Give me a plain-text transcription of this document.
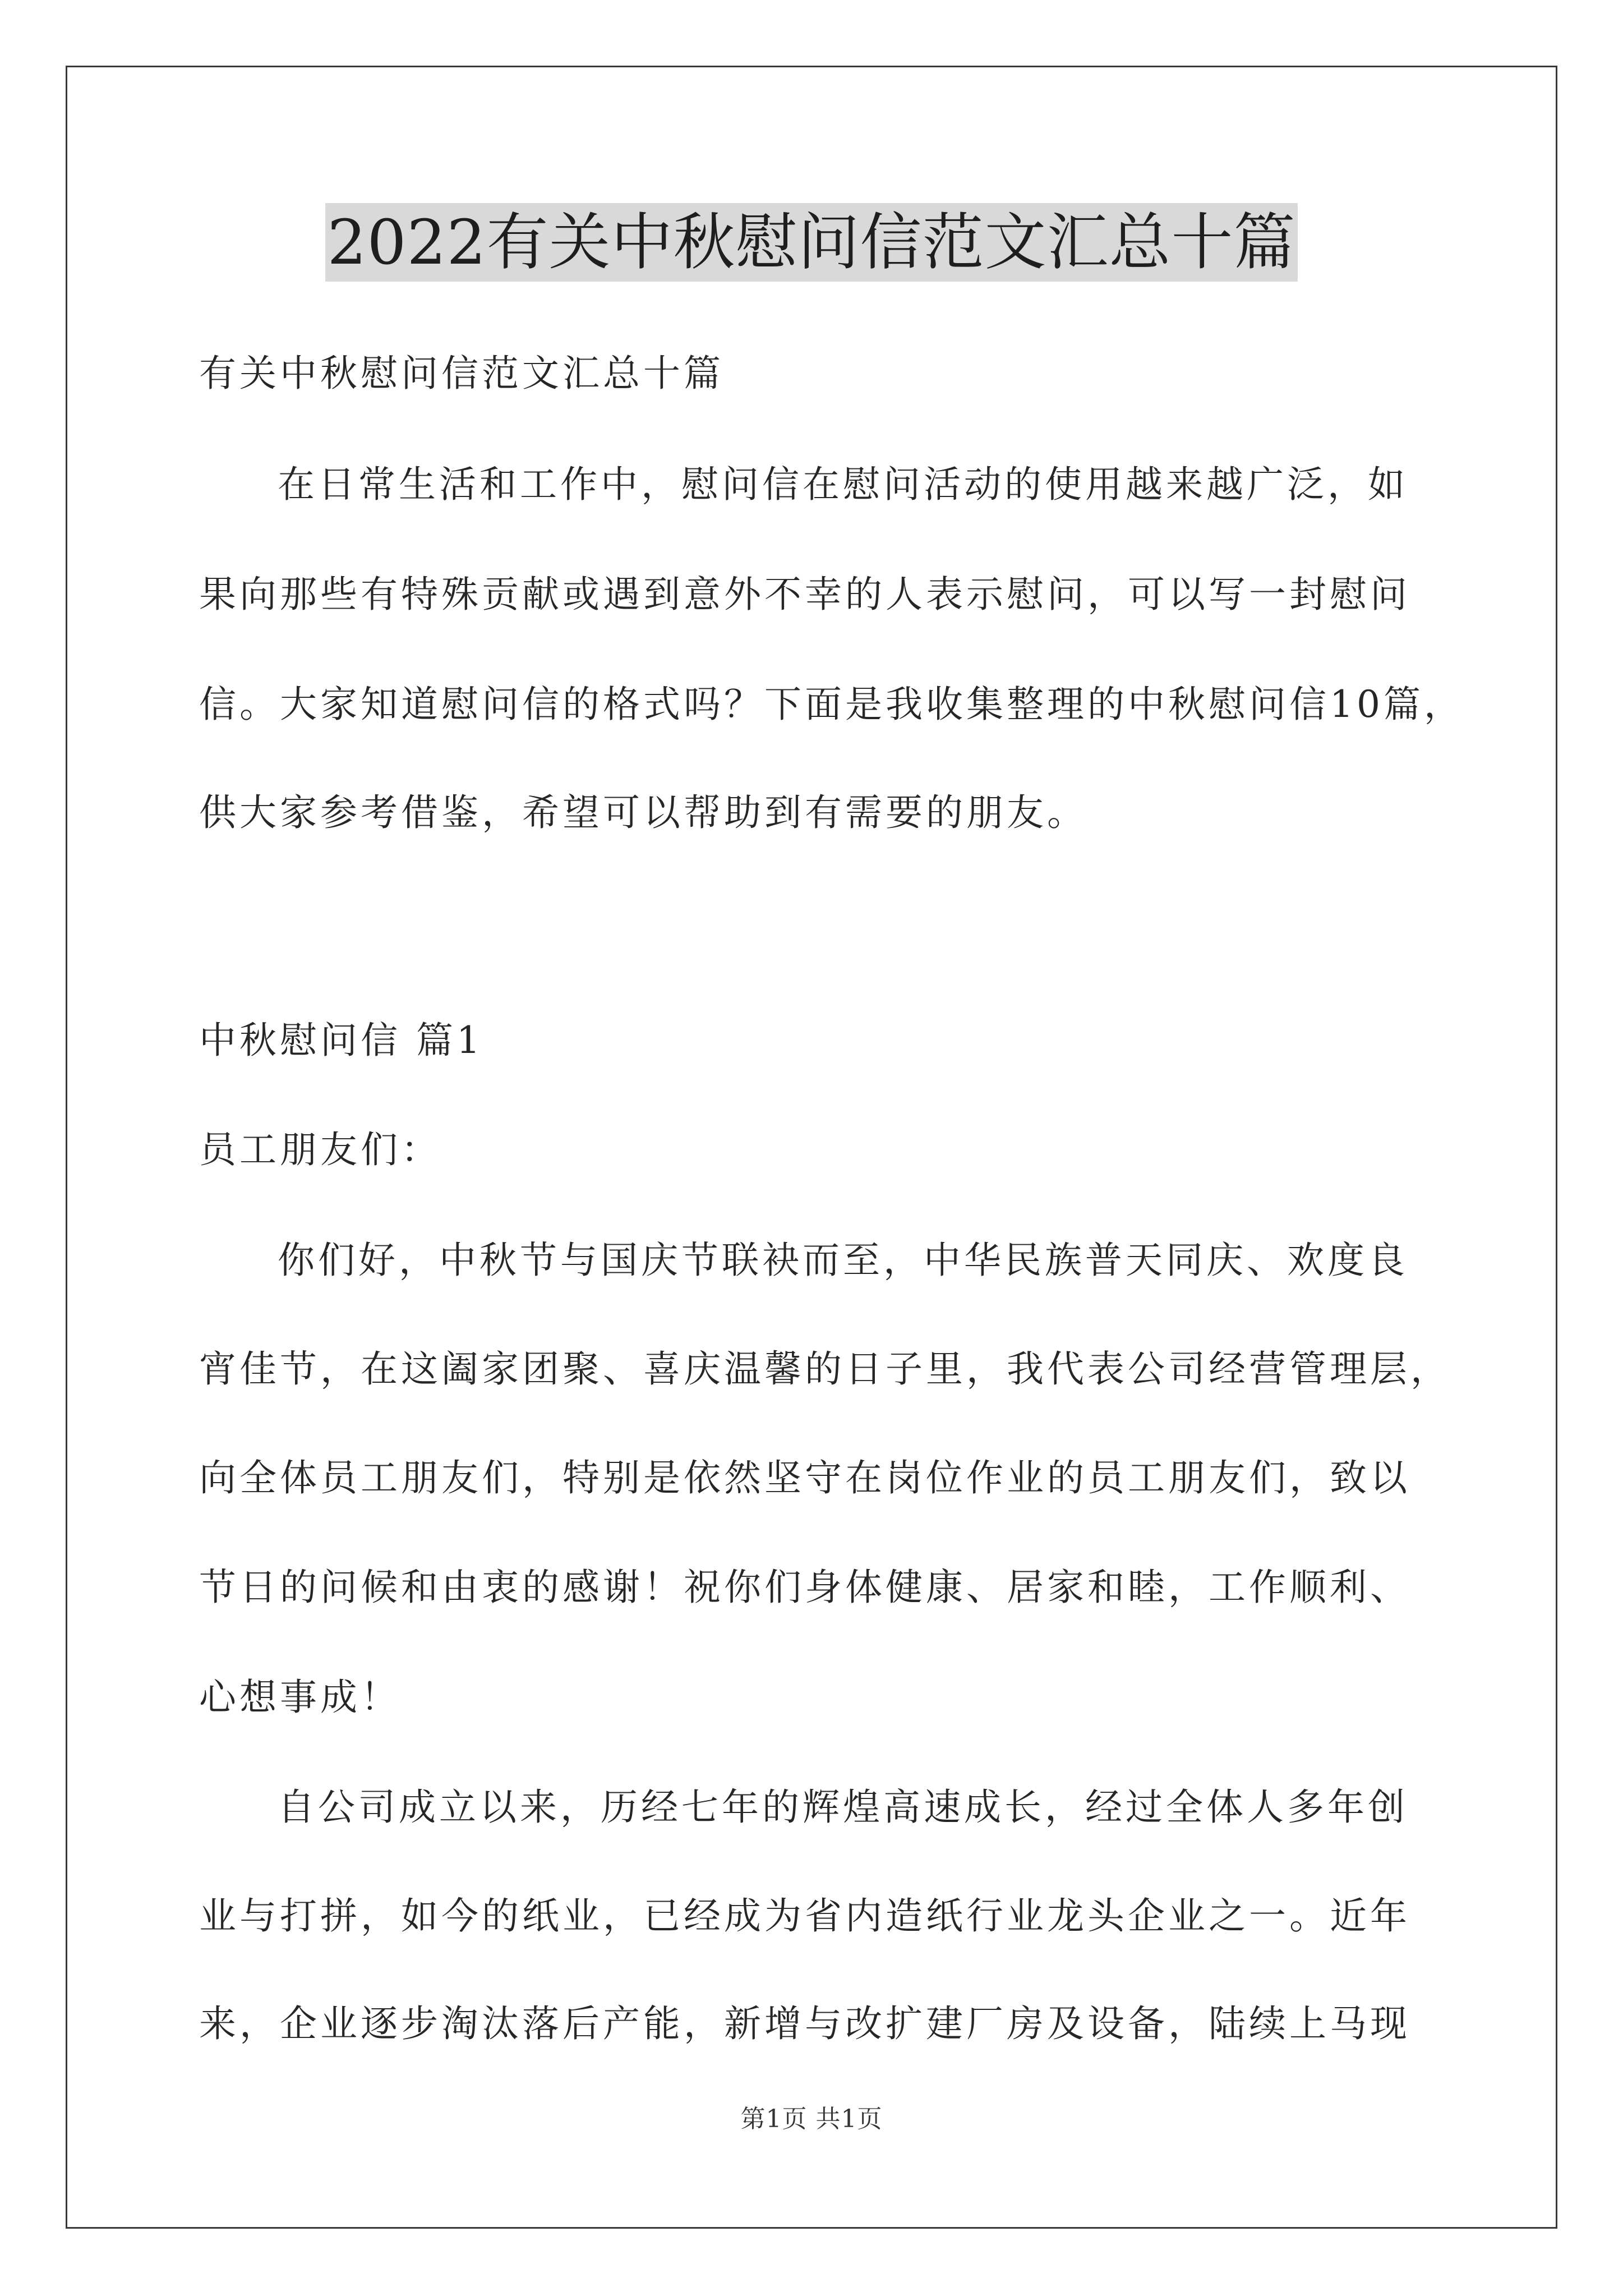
2022有关中秋慰问信范文汇总十篇
有关中秋慰问信范文汇总十篇
在日常生活和工作中，慰问信在慰问活动的使用越来越广泛，如
果向那些有特殊贡献或遇到意外不幸的人表示慰问，可以写一封慰问
信。大家知道慰问信的格式吗？下面是我收集整理的中秋慰问信10篇，
供大家参考借鉴，希望可以帮助到有需要的朋友。
中秋慰问信 篇1
员工朋友们：
你们好，中秋节与国庆节联袂而至，中华民族普天同庆、欢度良
宵佳节，在这阖家团聚、喜庆温馨的日子里，我代表公司经营管理层，
向全体员工朋友们，特别是依然坚守在岗位作业的员工朋友们，致以
节日的问候和由衷的感谢！祝你们身体健康、居家和睦，工作顺利、
心想事成！
自公司成立以来，历经七年的辉煌高速成长，经过全体人多年创
业与打拼，如今的纸业，已经成为省内造纸行业龙头企业之一。近年
来，企业逐步淘汰落后产能，新增与改扩建厂房及设备，陆续上马现
第1页 共1页
